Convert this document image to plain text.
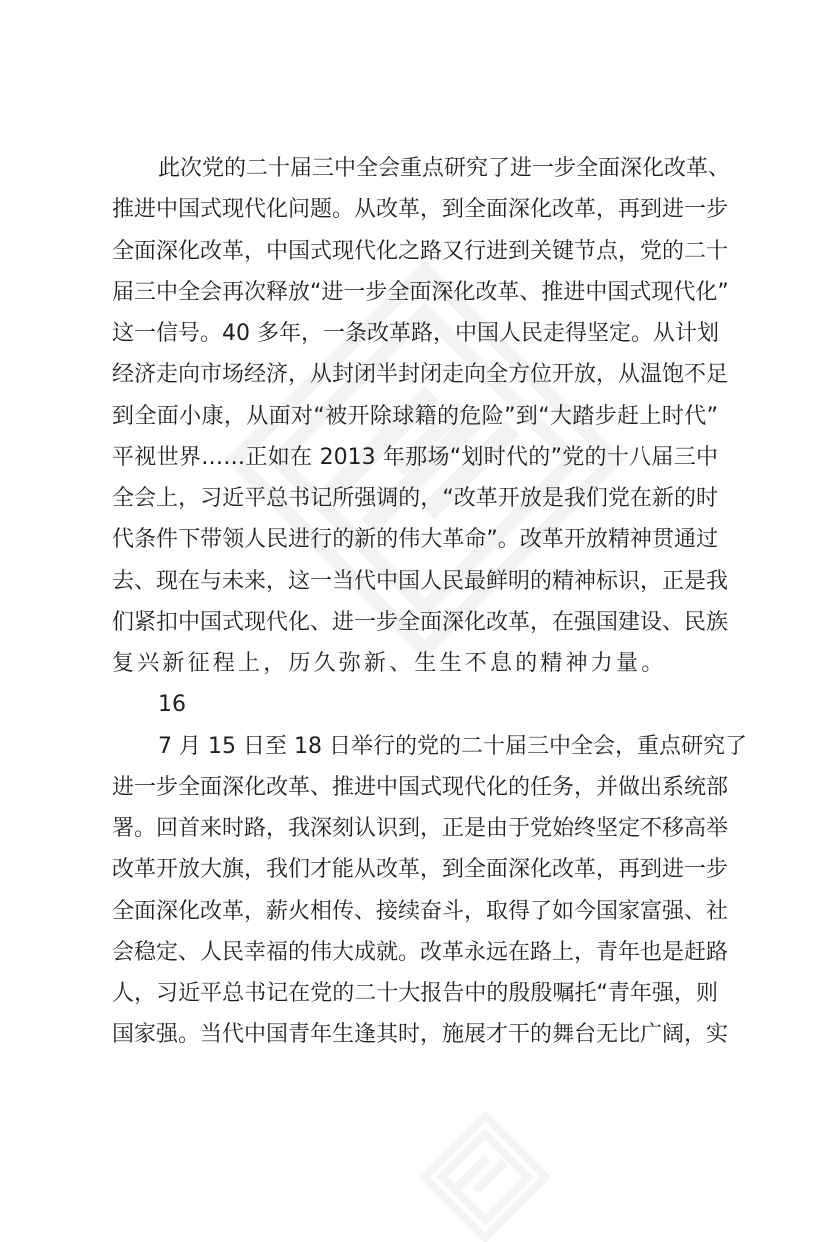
此次党的二十届三中全会重点研究了进一步全面深化改革、
推进中国式现代化问题。从改革，到全面深化改革，再到进一步
全面深化改革，中国式现代化之路又行进到关键节点，党的二十
届三中全会再次释放“进一步全面深化改革、推进中国式现代化”
这一信号。40 多年，一条改革路，中国人民走得坚定。从计划
经济走向市场经济，从封闭半封闭走向全方位开放，从温饱不足
到全面小康，从面对“被开除球籍的危险”到“大踏步赶上时代”
平视世界……正如在 2013 年那场“划时代的”党的十八届三中
全会上，习近平总书记所强调的，“改革开放是我们党在新的时
代条件下带领人民进行的新的伟大革命”。改革开放精神贯通过
去、现在与未来，这一当代中国人民最鲜明的精神标识，正是我
们紧扣中国式现代化、进一步全面深化改革，在强国建设、民族
复兴新征程上，历久弥新、生生不息的精神力量。
16
7 月 15 日至 18 日举行的党的二十届三中全会，重点研究了
进一步全面深化改革、推进中国式现代化的任务，并做出系统部
署。回首来时路，我深刻认识到，正是由于党始终坚定不移高举
改革开放大旗，我们才能从改革，到全面深化改革，再到进一步
全面深化改革，薪火相传、接续奋斗，取得了如今国家富强、社
会稳定、人民幸福的伟大成就。改革永远在路上，青年也是赶路
人，习近平总书记在党的二十大报告中的殷殷嘱托“青年强，则
国家强。当代中国青年生逢其时，施展才干的舞台无比广阔，实
